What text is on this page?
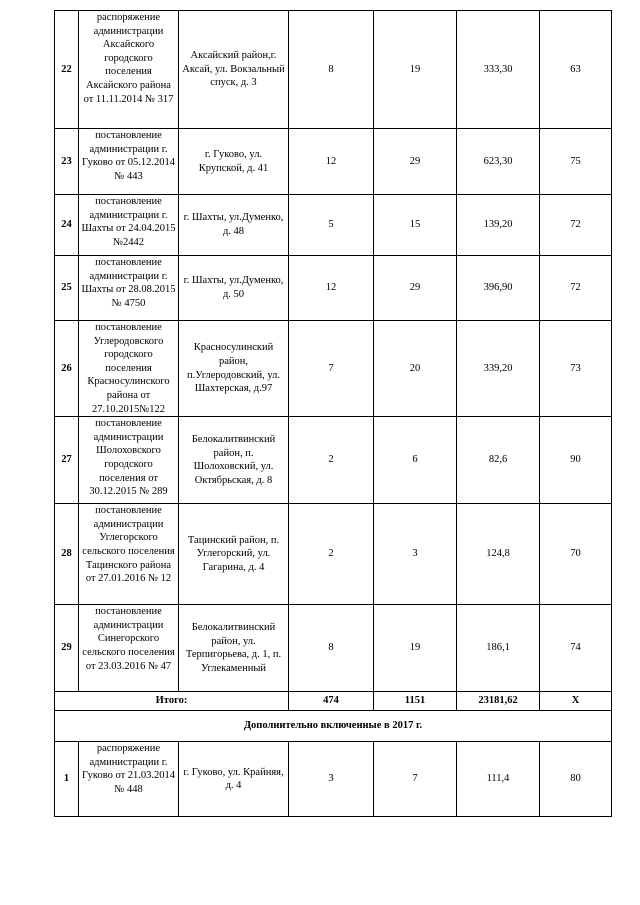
22	распоряжение администрации Аксайского городского поселения Аксайского района от 11.11.2014 № 317	Аксайский район,г. Аксай, ул. Вокзальный спуск, д. 3	8	19	333,30	63
23	постановление администрации г. Гуково от 05.12.2014 № 443	г. Гуково, ул. Крупской, д. 41	12	29	623,30	75
24	постановление администрации г. Шахты от 24.04.2015 №2442	г. Шахты, ул.Думенко, д. 48	5	15	139,20	72
25	постановление администрации г. Шахты от 28.08.2015 № 4750	г. Шахты, ул.Думенко, д. 50	12	29	396,90	72
26	постановление Углеродовского городского поселения Красносулинского района от 27.10.2015№122	Красносулинский район, п.Углеродовский, ул. Шахтерская, д.97	7	20	339,20	73
27	постановление администрации Шолоховского городского поселения от 30.12.2015 № 289	Белокалитвинский район, п. Шолоховский, ул. Октябрьская, д. 8	2	6	82,6	90
28	постановление администрации Углегорского сельского поселения Тацинского района от 27.01.2016 № 12	Тацинский район, п. Углегорский, ул. Гагарина, д. 4	2	3	124,8	70
29	постановление администрации Синегорского сельского поселения от 23.03.2016 № 47	Белокалитвинский район, ул. Терпигорьева, д. 1, п. Углекаменный	8	19	186,1	74
Итого:			474	1151	23181,62	Х
Дополнительно включенные в 2017 г.						
1	распоряжение администрации г. Гуково от 21.03.2014 № 448	г. Гуково, ул. Крайняя, д. 4	3	7	111,4	80
